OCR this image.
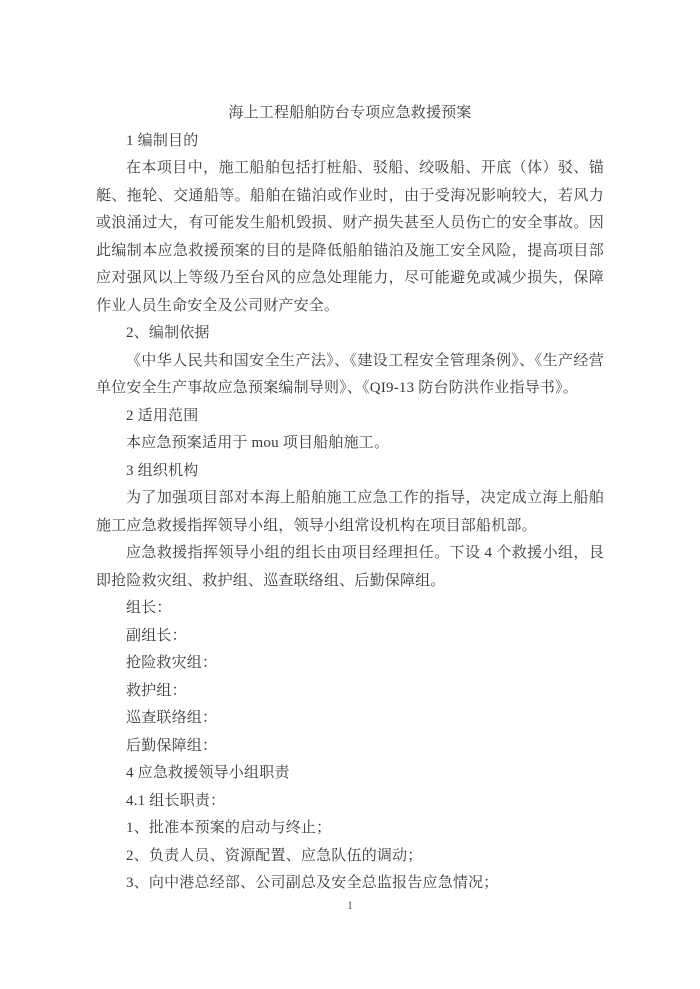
海上工程船舶防台专项应急救援预案

1 编制目的

在本项目中，施工船舶包括打桩船、驳船、绞吸船、开底（体）驳、锚艇、拖轮、交通船等。船舶在锚泊或作业时，由于受海况影响较大，若风力或浪涌过大，有可能发生船机毁损、财产损失甚至人员伤亡的安全事故。因此编制本应急救援预案的目的是降低船舶锚泊及施工安全风险，提高项目部应对强风以上等级乃至台风的应急处理能力，尽可能避免或减少损失，保障作业人员生命安全及公司财产安全。

2、编制依据

《中华人民共和国安全生产法》、《建设工程安全管理条例》、《生产经营单位安全生产事故应急预案编制导则》、《QI9-13 防台防洪作业指导书》。

2 适用范围

本应急预案适用于 mou 项目船舶施工。

3 组织机构

为了加强项目部对本海上船舶施工应急工作的指导，决定成立海上船舶施工应急救援指挥领导小组，领导小组常设机构在项目部船机部。

应急救援指挥领导小组的组长由项目经理担任。下设 4 个救援小组，艮即抢险救灾组、救护组、巡查联络组、后勤保障组。

组长：

副组长：

抢险救灾组：

救护组：

巡查联络组：

后勤保障组：

4 应急救援领导小组职责

4.1 组长职责：

1、批准本预案的启动与终止；

2、负责人员、资源配置、应急队伍的调动；

3、向中港总经部、公司副总及安全总监报告应急情况；

1
